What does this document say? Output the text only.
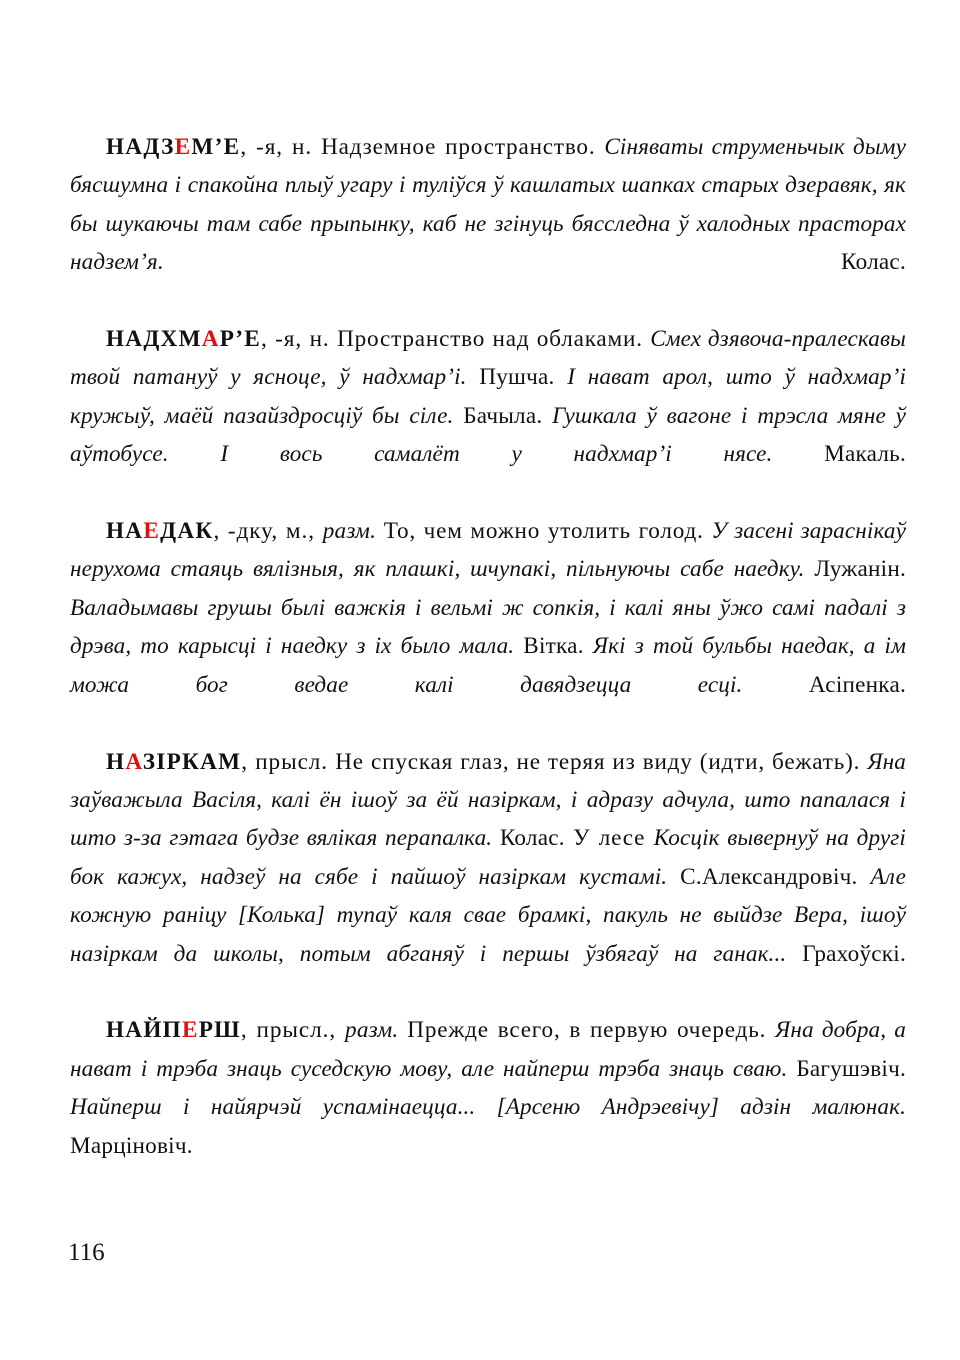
НАДЗЕМ’Е, -я, н. Надземное пространство. Сіняваты струменьчык дыму бясшумна і спакойна плыў угару і туліўся ў кашлатых шапках старых дзеравяк, як бы шукаючы там сабе прыпынку, каб не згінуць бясследна ў халодных прасторах надзем’я. Колас.

НАДХМАР’Е, -я, н. Пространство над облаками. Смех дзявоча-пралескавы твой патануў у ясноце, ў надхмар’і. Пушча. І нават арол, што ў надхмар’і кружыў, маёй пазайздросціў бы сіле. Бачыла. Гушкала ў вагоне і трэсла мяне ў аўтобусе. І вось самалёт у надхмар’і нясе. Макаль.

НАЕДАК, -дку, м., разм. То, чем можно утолить голод. У засені зараснікаў нерухома стаяць вялізныя, як плашкі, шчупакі, пільнуючы сабе наедку. Лужанін. Валадымавы грушы былі важкія і вельмі ж сопкія, і калі яны ўжо самі падалі з дрэва, то карысці і наедку з іх было мала. Вітка. Які з той бульбы наедак, а ім можа бог ведае калі давядзецца есці. Асіпенка.

НАЗІРКАМ, прысл. Не спуская глаз, не теряя из виду (идти, бежать). Яна заўважыла Васіля, калі ён ішоў за ёй назіркам, і адразу адчула, што папалася і што з-за гэтага будзе вялікая перапалка. Колас. У лесе Косцік вывернуў на другі бок кажух, надзеў на сябе і пайшоў назіркам кустамі. С.Александровіч. Але кожную раніцу [Колька] тупаў каля свае брамкі, пакуль не выйдзе Вера, ішоў назіркам да школы, потым абганяў і першы ўзбягаў на ганак... Грахоўскі.

НАЙПЕРШ, прысл., разм. Прежде всего, в первую очередь. Яна добра, а нават і трэба знаць суседскую мову, але найперш трэба знаць сваю. Багушэвіч. Найперш і найярчэй успамінаецца... [Арсеню Андрэевічу] адзін малюнак. Марціновіч.

116
